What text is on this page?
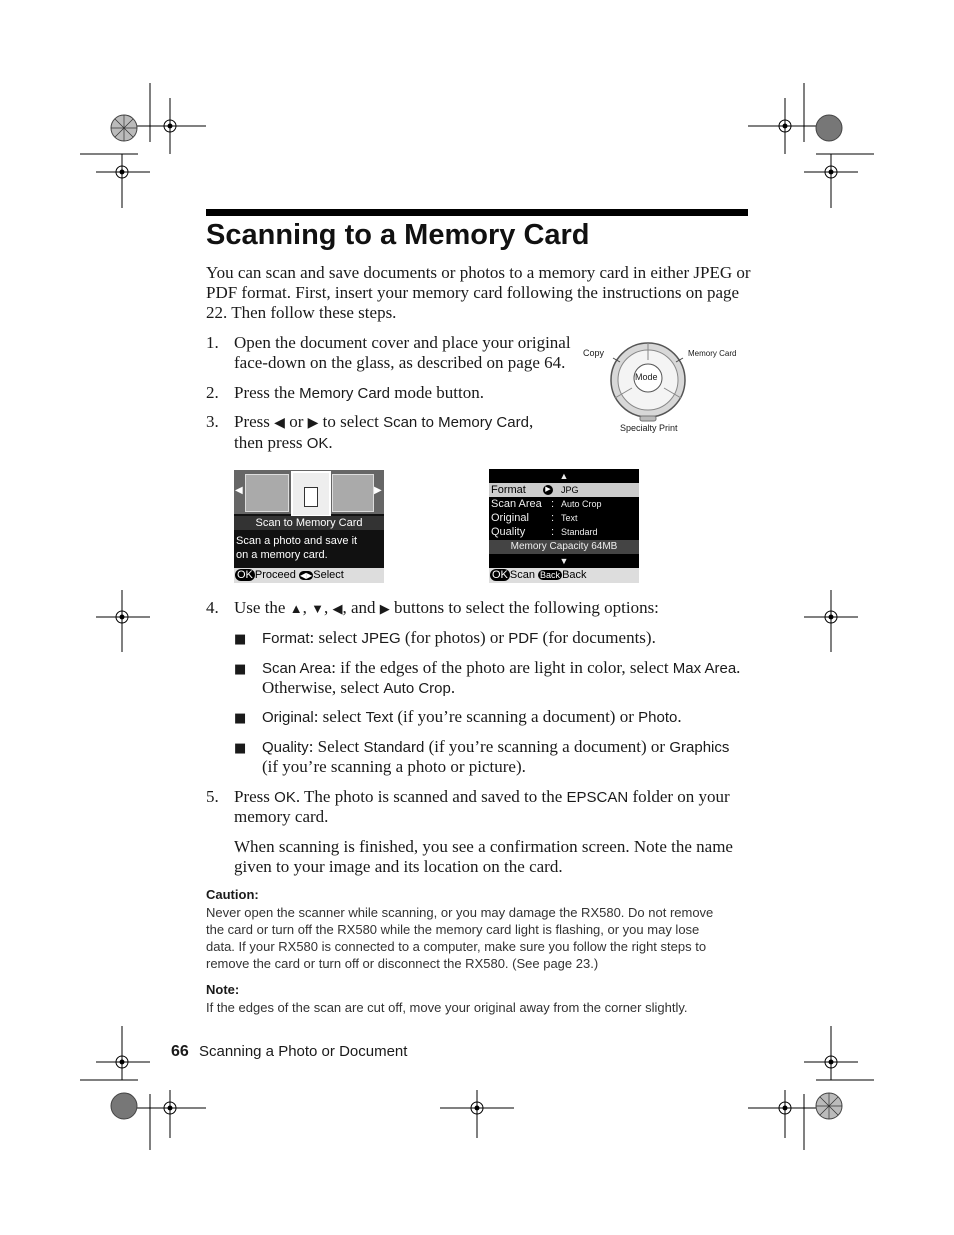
Scanning to a Memory Card
You can scan and save documents or photos to a memory card in either JPEG or PDF format. First, insert your memory card following the instructions on page 22. Then follow these steps.
1. Open the document cover and place your original
face-down on the glass, as described on page 64.
2. Press the Memory Card mode button.
3. Press ◀ or ▶ to select Scan to Memory Card,
then press OK.
Copy	Memory Card
Mode
Specialty Print
◀	▶
Scan to Memory Card
Scan a photo and save it
on a memory card.
OK Proceed ◀▶Select
▲
Format	▶ JPG
Scan Area : Auto Crop
Original : Text
Quality : Standard
Memory Capacity 64MB
▼
OK Scan Back Back
4. Use the ▲, ▼, ◀, and ▶ buttons to select the following options:
■ Format: select JPEG (for photos) or PDF (for documents).
■ Scan Area: if the edges of the photo are light in color, select Max Area.
Otherwise, select Auto Crop.
■ Original: select Text (if you’re scanning a document) or Photo.
■ Quality: Select Standard (if you’re scanning a document) or Graphics
(if you’re scanning a photo or picture).
5. Press OK. The photo is scanned and saved to the EPSCAN folder on your
memory card.
When scanning is finished, you see a confirmation screen. Note the name
given to your image and its location on the card.
Caution:
Never open the scanner while scanning, or you may damage the RX580. Do not remove
the card or turn off the RX580 while the memory card light is flashing, or you may lose
data. If your RX580 is connected to a computer, make sure you follow the right steps to
remove the card or turn off or disconnect the RX580. (See page 23.)
Note:
If the edges of the scan are cut off, move your original away from the corner slightly.
66 Scanning a Photo or Document
